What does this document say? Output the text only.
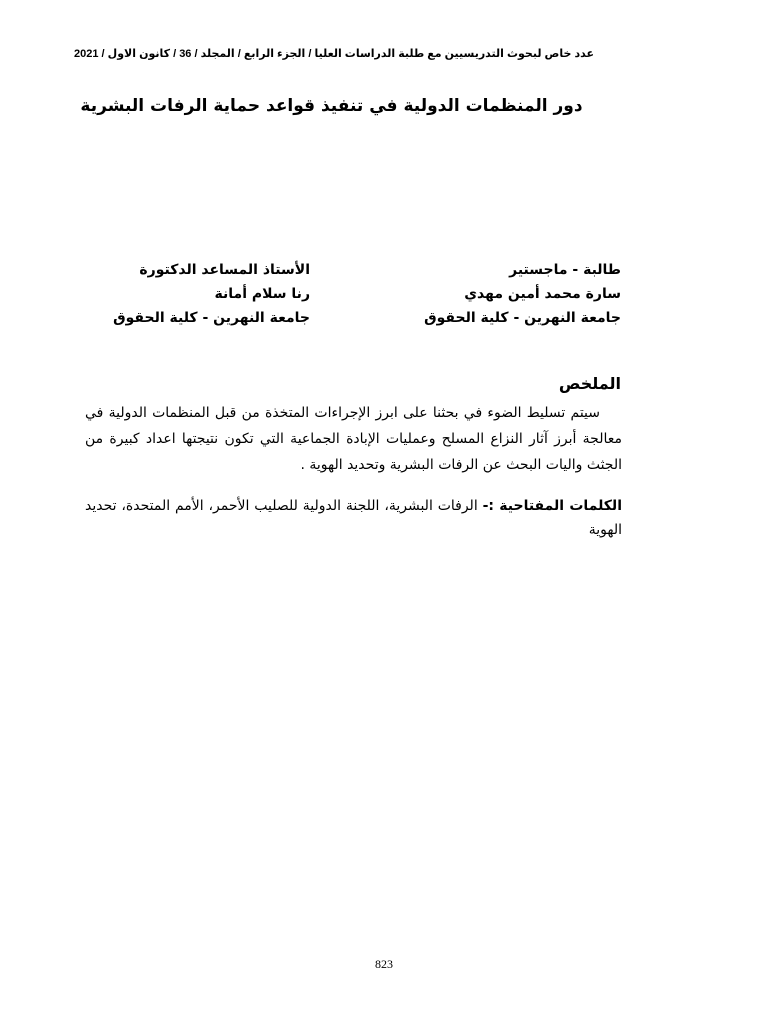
عدد خاص لبحوث التدريسيين مع طلبة الدراسات العليا / الجزء الرابع / المجلد / 36 / كانون الاول / 2021
دور المنظمات الدولية في تنفيذ قواعد حماية الرفات البشرية
طالبة - ماجستير
سارة محمد أمين مهدي
جامعة النهرين - كلية الحقوق
الأستاذ المساعد الدكتورة
رنا سلام أمانة
جامعة النهرين - كلية الحقوق
الملخص
سيتم تسليط الضوء في بحثنا على ابرز الإجراءات المتخذة من قبل المنظمات الدولية في معالجة أبرز آثار النزاع المسلح وعمليات الإبادة الجماعية التي تكون نتيجتها اعداد كبيرة من الجثث واليات البحث عن الرفات البشرية وتحديد الهوية .
الكلمات المفتاحية :- الرفات البشرية، اللجنة الدولية للصليب الأحمر، الأمم المتحدة، تحديد الهوية
823
